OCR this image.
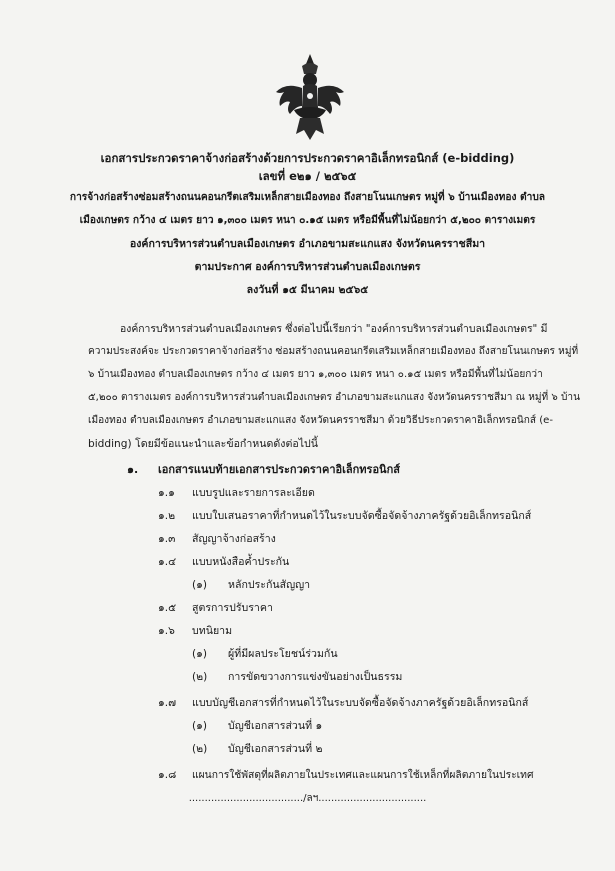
เอกสารประกวดราคาจ้างก่อสร้างด้วยการประกวดราคาอิเล็กทรอนิกส์ (e-bidding)
เลขที่ e๒๑ / ๒๕๖๕
การจ้างก่อสร้างซ่อมสร้างถนนคอนกรีตเสริมเหล็กสายเมืองทอง ถึงสายโนนเกษตร หมู่ที่ ๖ บ้านเมืองทอง ตำบล
เมืองเกษตร กว้าง ๔ เมตร ยาว ๑,๓๐๐ เมตร หนา ๐.๑๕ เมตร หรือมีพื้นที่ไม่น้อยกว่า ๕,๒๐๐ ตารางเมตร
องค์การบริหารส่วนตำบลเมืองเกษตร อำเภอขามสะแกแสง จังหวัดนครราชสีมา
ตามประกาศ องค์การบริหารส่วนตำบลเมืองเกษตร
ลงวันที่ ๑๕ มีนาคม ๒๕๖๕
องค์การบริหารส่วนตำบลเมืองเกษตร ซึ่งต่อไปนี้เรียกว่า "องค์การบริหารส่วนตำบลเมืองเกษตร" มี
ความประสงค์จะ ประกวดราคาจ้างก่อสร้าง ซ่อมสร้างถนนคอนกรีตเสริมเหล็กสายเมืองทอง ถึงสายโนนเกษตร หมู่ที่
๖ บ้านเมืองทอง ตำบลเมืองเกษตร กว้าง ๔ เมตร ยาว ๑,๓๐๐ เมตร หนา ๐.๑๕ เมตร หรือมีพื้นที่ไม่น้อยกว่า
๕,๒๐๐ ตารางเมตร องค์การบริหารส่วนตำบลเมืองเกษตร อำเภอขามสะแกแสง จังหวัดนครราชสีมา ณ หมู่ที่ ๖ บ้าน
เมืองทอง ตำบลเมืองเกษตร อำเภอขามสะแกแสง จังหวัดนครราชสีมา ด้วยวิธีประกวดราคาอิเล็กทรอนิกส์ (e-
bidding) โดยมีข้อแนะนำและข้อกำหนดดังต่อไปนี้
๑. เอกสารแนบท้ายเอกสารประกวดราคาอิเล็กทรอนิกส์
๑.๑ แบบรูปและรายการละเอียด
๑.๒ แบบใบเสนอราคาที่กำหนดไว้ในระบบจัดซื้อจัดจ้างภาครัฐด้วยอิเล็กทรอนิกส์
๑.๓ สัญญาจ้างก่อสร้าง
๑.๔ แบบหนังสือค้ำประกัน
(๑) หลักประกันสัญญา
๑.๕ สูตรการปรับราคา
๑.๖ บทนิยาม
(๑) ผู้ที่มีผลประโยชน์ร่วมกัน
(๒) การขัดขวางการแข่งขันอย่างเป็นธรรม
๑.๗ แบบบัญชีเอกสารที่กำหนดไว้ในระบบจัดซื้อจัดจ้างภาครัฐด้วยอิเล็กทรอนิกส์
(๑) บัญชีเอกสารส่วนที่ ๑
(๒) บัญชีเอกสารส่วนที่ ๒
๑.๘ แผนการใช้พัสดุที่ผลิตภายในประเทศและแผนการใช้เหล็กที่ผลิตภายในประเทศ
..................................../ลฯ..................................
